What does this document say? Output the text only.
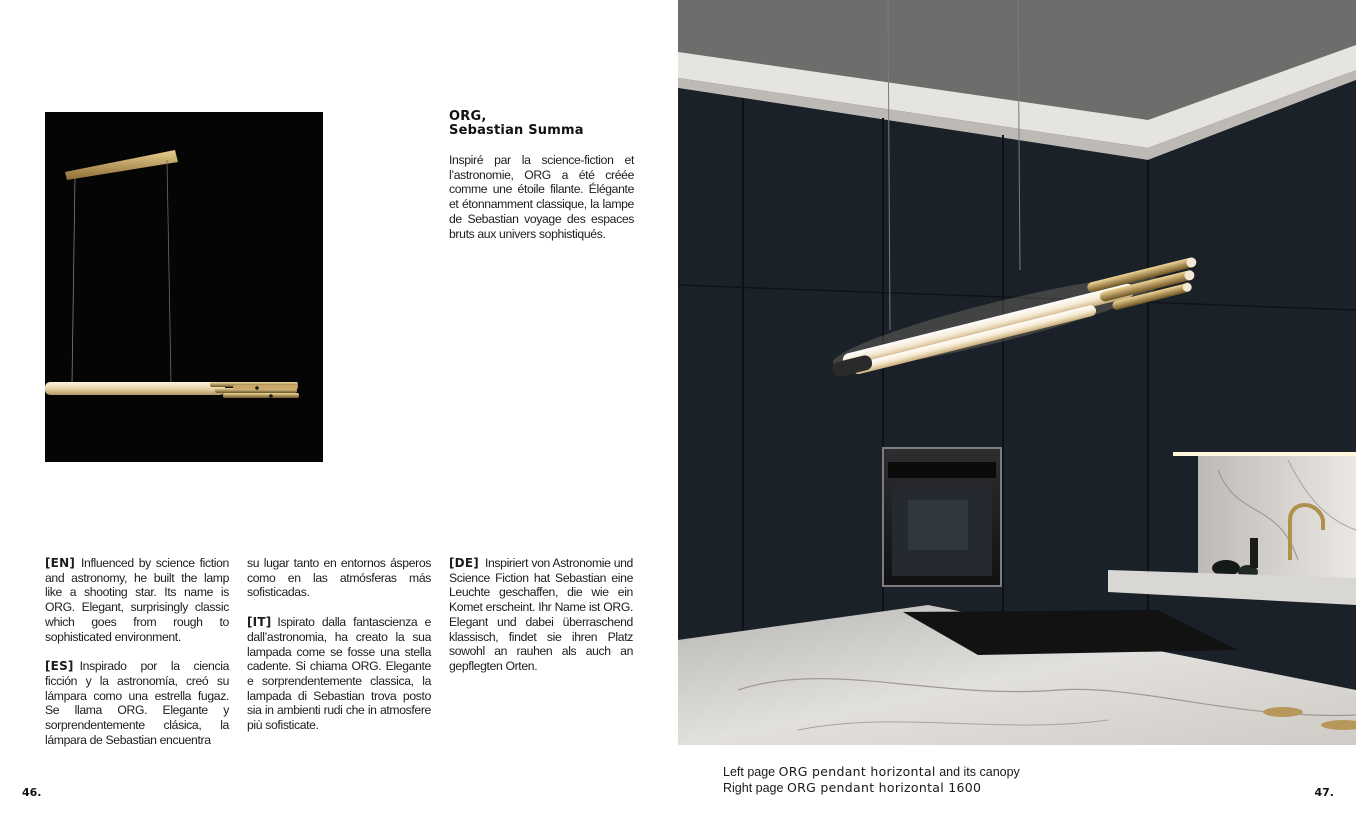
ORG,
Sebastian Summa

Inspiré par la science-fiction et l’astronomie, ORG a été créée comme une étoile filante. Élégante et étonnamment classique, la lampe de Sebastian voyage des espaces bruts aux univers sophistiqués.

[EN] Influenced by science fiction and astronomy, he built the lamp like a shooting star. Its name is ORG. Elegant, surprisingly classic which goes from rough to sophisticated environment.

[ES] Inspirado por la ciencia ficción y la astronomía, creó su lámpara como una estrella fugaz. Se llama ORG. Elegante y sorprendentemente clásica, la lámpara de Sebastian encuentra

su lugar tanto en entornos ásperos como en las atmósferas más sofisticadas.

[IT] Ispirato dalla fantascienza e dall’astronomia, ha creato la sua lampada come se fosse una stella cadente. Si chiama ORG. Elegante e sorprendentemente classica, la lampada di Sebastian trova posto sia in ambienti rudi che in atmosfere più sofisticate.

[DE] Inspiriert von Astronomie und Science Fiction hat Sebastian eine Leuchte geschaffen, die wie ein Komet erscheint. Ihr Name ist ORG. Elegant und dabei überraschend klassisch, findet sie ihren Platz sowohl an rauhen als auch an gepflegten Orten.

46.
Left page ORG pendant horizontal and its canopy
Right page ORG pendant horizontal 1600	47.
